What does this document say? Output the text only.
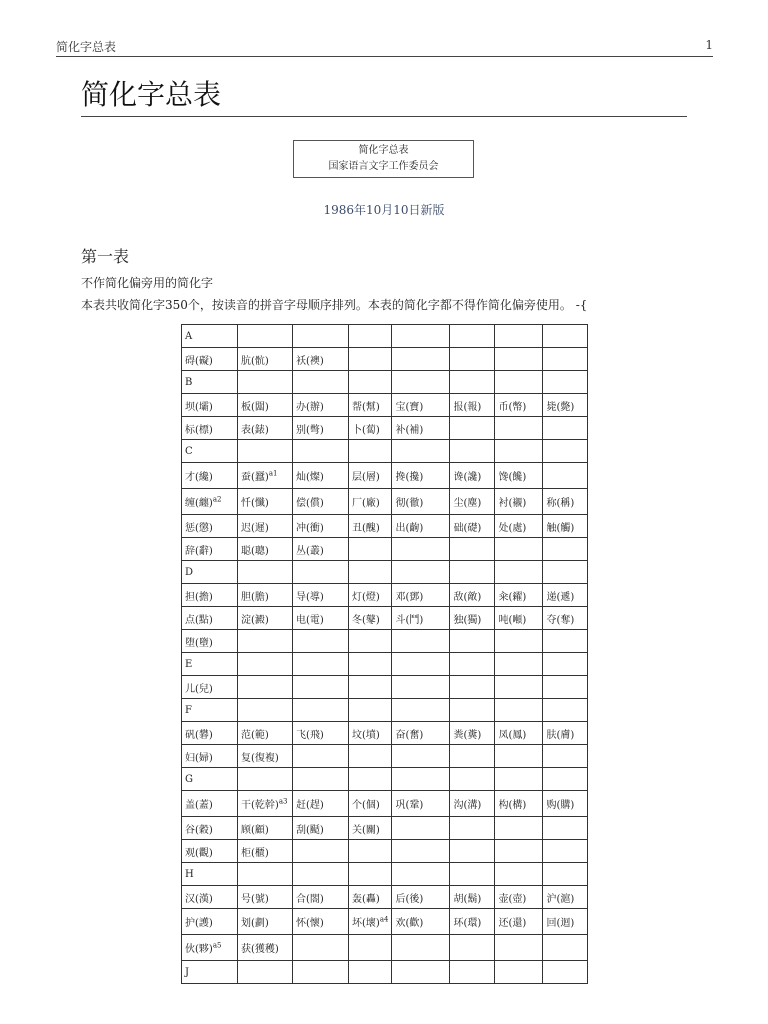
简化字总表	1
简化字总表
简化字总表
国家语言文字工作委员会
1986年10月10日新版
第一表
不作简化偏旁用的简化字
本表共收简化字350个，按读音的拼音字母顺序排列。本表的简化字都不得作简化偏旁使用。 -{
A							
碍(礙)	肮(骯)	袄(襖)					
B							
坝(壩)	板(闆)	办(辦)	帮(幫)	宝(寶)	报(報)	币(幣)	毙(斃)
标(標)	表(錶)	别(彆)	卜(蔔)	补(補)			
C							
才(纔)	蚕(蠶)$^{a1}$	灿(燦)	层(層)	搀(攙)	谗(讒)	馋(饞)	
缠(纏)$^{a2}$	忏(懺)	偿(償)	厂(廠)	彻(徹)	尘(塵)	衬(襯)	称(稱)
惩(懲)	迟(遲)	冲(衝)	丑(醜)	出(齣)	础(礎)	处(處)	触(觸)
辞(辭)	聪(聰)	丛(叢)					
D							
担(擔)	胆(膽)	导(導)	灯(燈)	邓(鄧)	敌(敵)	籴(糴)	递(遞)
点(點)	淀(澱)	电(電)	冬(鼕)	斗(鬥)	独(獨)	吨(噸)	夺(奪)
堕(墮)							
E							
儿(兒)							
F							
矾(礬)	范(範)	飞(飛)	坟(墳)	奋(奮)	粪(糞)	凤(鳳)	肤(膚)
妇(婦)	复(復複)						
G							
盖(蓋)	干(乾幹)$^{a3}$	赶(趕)	个(個)	巩(鞏)	沟(溝)	构(構)	购(購)
谷(穀)	顾(顧)	刮(颳)	关(關)				
观(觀)	柜(櫃)						
H							
汉(漢)	号(號)	合(閤)	轰(轟)	后(後)	胡(鬍)	壶(壺)	沪(滬)
护(護)	划(劃)	怀(懷)	坏(壞)$^{a4}$	欢(歡)	环(環)	还(還)	回(迴)
伙(夥)$^{a5}$	获(獲穫)						
J							
